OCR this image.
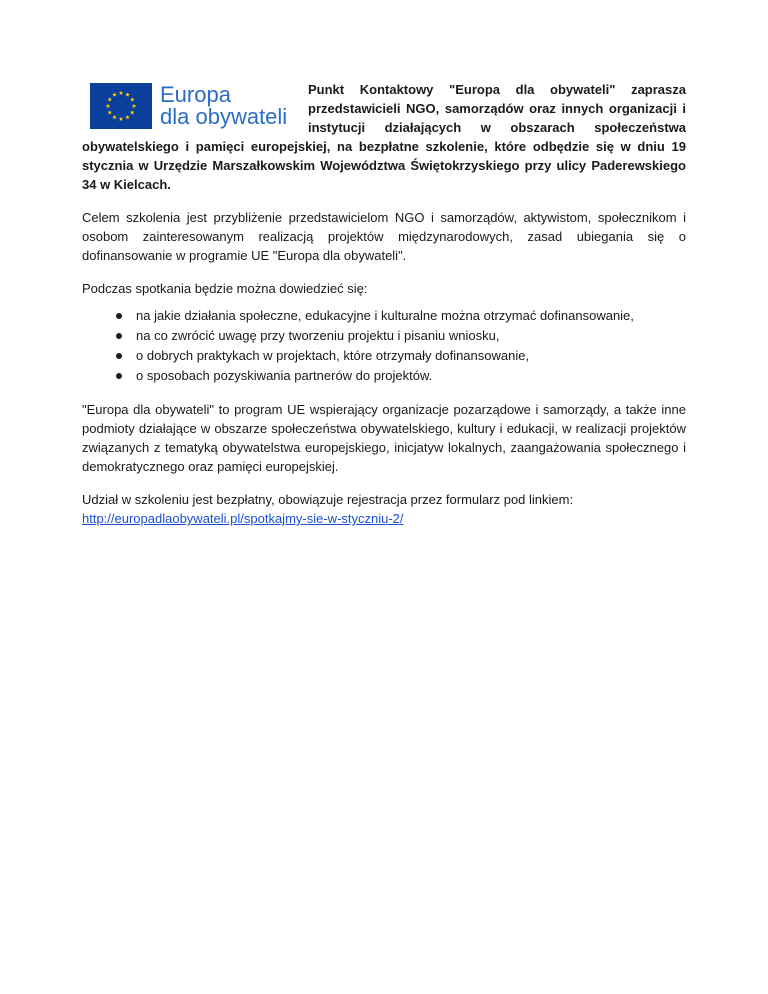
Europa
dla obywateli

Punkt Kontaktowy "Europa dla obywateli" zaprasza przedstawicieli NGO, samorządów oraz innych organizacji i instytucji działających w obszarach społeczeństwa obywatelskiego i pamięci europejskiej, na bezpłatne szkolenie, które odbędzie się w dniu 19 stycznia w Urzędzie Marszałkowskim Województwa Świętokrzyskiego przy ulicy Paderewskiego 34 w Kielcach.

Celem szkolenia jest przybliżenie przedstawicielom NGO i samorządów, aktywistom, społecznikom i osobom zainteresowanym realizacją projektów międzynarodowych, zasad ubiegania się o dofinansowanie w programie UE "Europa dla obywateli".

Podczas spotkania będzie można dowiedzieć się:

na jakie działania społeczne, edukacyjne i kulturalne można otrzymać dofinansowanie,
na co zwrócić uwagę przy tworzeniu projektu i pisaniu wniosku,
o dobrych praktykach w projektach, które otrzymały dofinansowanie,
o sposobach pozyskiwania partnerów do projektów.

"Europa dla obywateli" to program UE wspierający organizacje pozarządowe i samorządy, a także inne podmioty działające w obszarze społeczeństwa obywatelskiego, kultury i edukacji, w realizacji projektów związanych z tematyką obywatelstwa europejskiego, inicjatyw lokalnych, zaangażowania społecznego i demokratycznego oraz pamięci europejskiej.

Udział w szkoleniu jest bezpłatny, obowiązuje rejestracja przez formularz pod linkiem:
http://europadlaobywateli.pl/spotkajmy-sie-w-styczniu-2/
